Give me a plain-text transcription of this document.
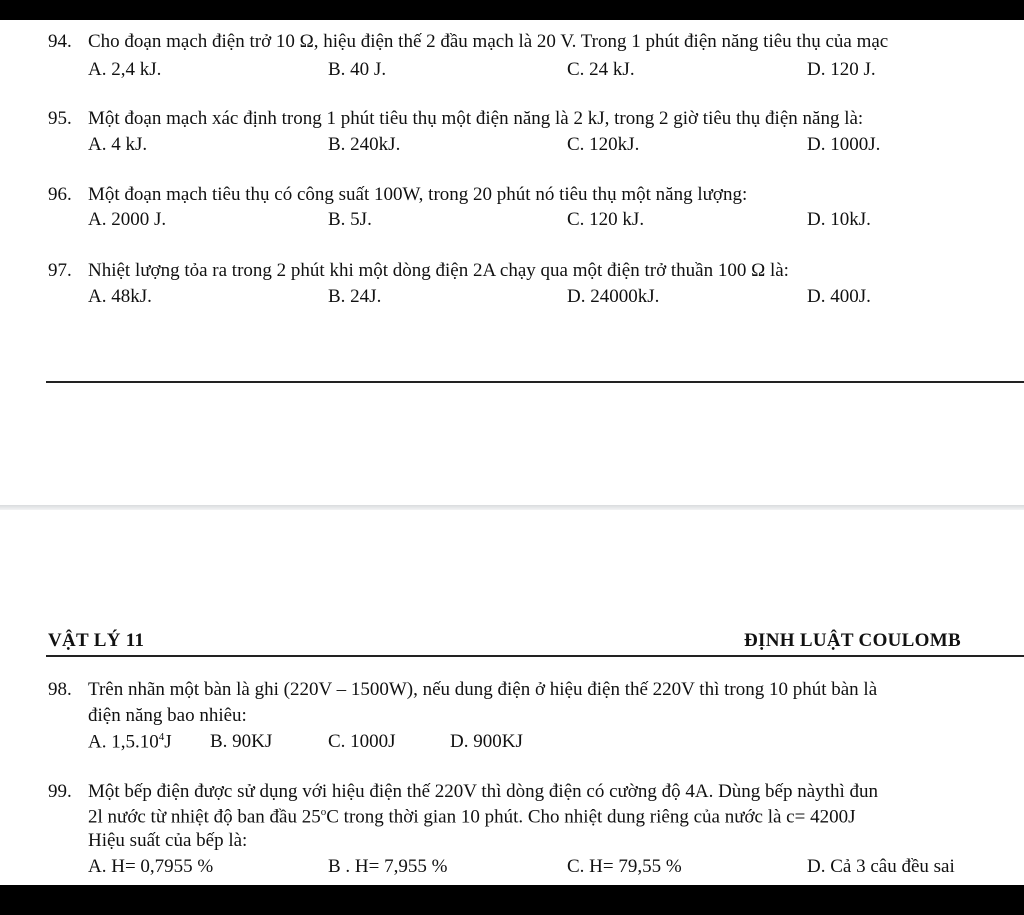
94. Cho đoạn mạch điện trở 10 Ω, hiệu điện thế 2 đầu mạch là 20 V. Trong 1 phút điện năng tiêu thụ của mạc
A. 2,4 kJ.	B. 40 J.	C. 24 kJ.	D. 120 J.
95. Một đoạn mạch xác định trong 1 phút tiêu thụ một điện năng là 2 kJ, trong 2 giờ tiêu thụ điện năng là:
A. 4 kJ.	B. 240kJ.	C. 120kJ.	D. 1000J.
96. Một đoạn mạch tiêu thụ có công suất 100W, trong 20 phút nó tiêu thụ một năng lượng:
A. 2000 J.	B. 5J.	C. 120 kJ.	D. 10kJ.
97. Nhiệt lượng tỏa ra trong 2 phút khi một dòng điện 2A chạy qua một điện trở thuần 100 Ω là:
A. 48kJ.	B. 24J.	D. 24000kJ.	D. 400J.
VẬT LÝ 11	ĐỊNH LUẬT COULOMB
98. Trên nhãn một bàn là ghi (220V – 1500W), nếu dung điện ở hiệu điện thế 220V thì trong 10 phút bàn là
điện năng bao nhiêu:
A. 1,5.10$^4$J B. 90KJ	C. 1000J	D. 900KJ
99. Một bếp điện được sử dụng với hiệu điện thế 220V thì dòng điện có cường độ 4A. Dùng bếp nàythì đun
2l nước từ nhiệt độ ban đầu 25$^o$C trong thời gian 10 phút. Cho nhiệt dung riêng của nước là c= 4200J
Hiệu suất của bếp là:
A. H= 0,7955 %	B . H= 7,955 %	C. H= 79,55 %	D. Cả 3 câu đều sai
